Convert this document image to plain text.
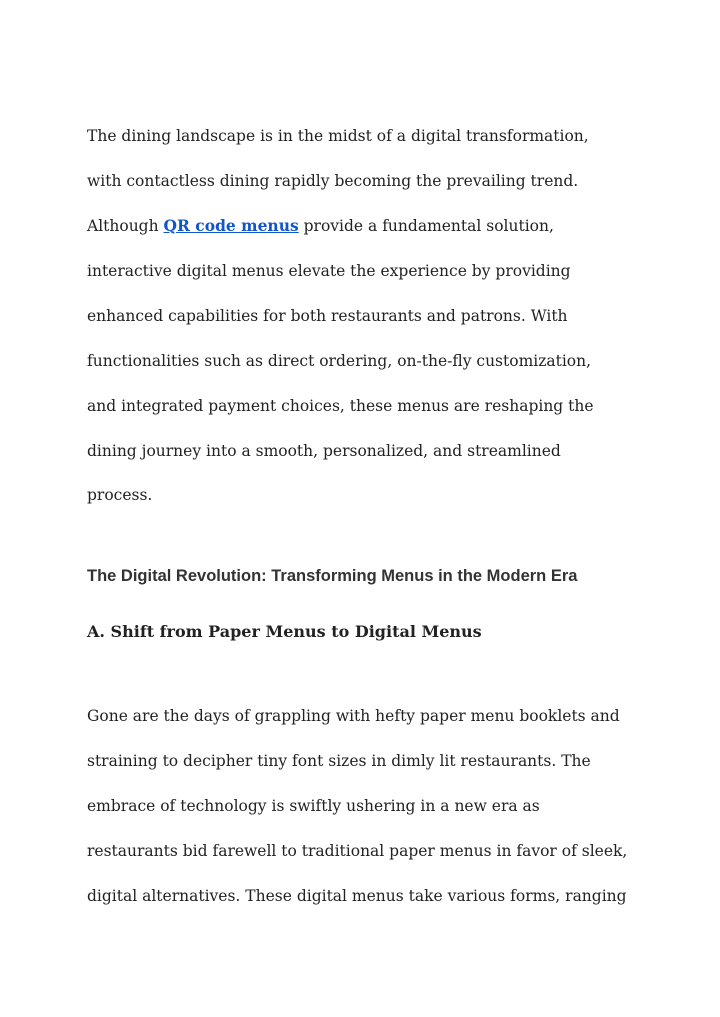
The dining landscape is in the midst of a digital transformation,
with contactless dining rapidly becoming the prevailing trend.
Although QR code menus provide a fundamental solution,
interactive digital menus elevate the experience by providing
enhanced capabilities for both restaurants and patrons. With
functionalities such as direct ordering, on-the-fly customization,
and integrated payment choices, these menus are reshaping the
dining journey into a smooth, personalized, and streamlined
process.
The Digital Revolution: Transforming Menus in the Modern Era
A. Shift from Paper Menus to Digital Menus
Gone are the days of grappling with hefty paper menu booklets and
straining to decipher tiny font sizes in dimly lit restaurants. The
embrace of technology is swiftly ushering in a new era as
restaurants bid farewell to traditional paper menus in favor of sleek,
digital alternatives. These digital menus take various forms, ranging
